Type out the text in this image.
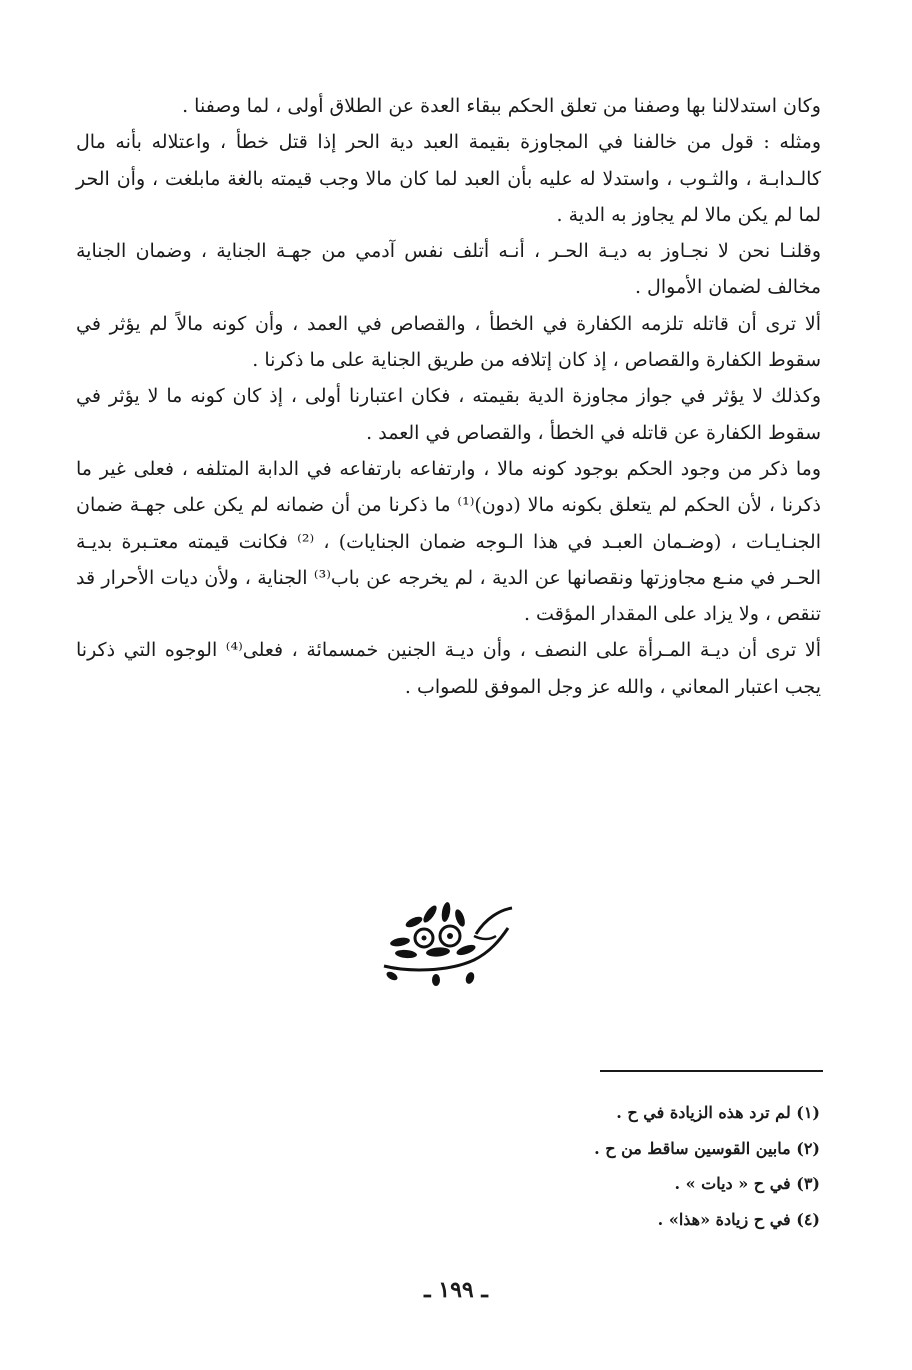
وكان استدلالنا بها وصفنا من تعلق الحكم ببقاء العدة عن الطلاق أولى ، لما وصفنا .

ومثله : قول من خالفنا في المجاوزة بقيمة العبد دية الحر إذا قتل خطأ ، واعتلاله بأنه مال كالـدابـة ، والثـوب ، واستدلا له عليه بأن العبد لما كان مالا وجب قيمته بالغة مابلغت ، وأن الحر لما لم يكن مالا لم يجاوز به الدية .

وقلنـا نحن لا نجـاوز به ديـة الحـر ، أنـه أتلف نفس آدمي من جهـة الجناية ، وضمان الجناية مخالف لضمان الأموال .

ألا ترى أن قاتله تلزمه الكفارة في الخطأ ، والقصاص في العمد ، وأن كونه مالاً لم يؤثر في سقوط الكفارة والقصاص ، إذ كان إتلافه من طريق الجناية على ما ذكرنا .

وكذلك لا يؤثر في جواز مجاوزة الدية بقيمته ، فكان اعتبارنا أولى ، إذ كان كونه ما لا يؤثر في سقوط الكفارة عن قاتله في الخطأ ، والقصاص في العمد .

وما ذكر من وجود الحكم بوجود كونه مالا ، وارتفاعه بارتفاعه في الدابة المتلفه ، فعلى غير ما ذكرنا ، لأن الحكم لم يتعلق بكونه مالا (دون)⁽¹⁾ ما ذكرنا من أن ضمانه لم يكن على جهـة ضمان الجنـايـات ، (وضـمان العبـد في هذا الـوجه ضمان الجنايات) ، ⁽²⁾ فكانت قيمته معتـبرة بديـة الحـر في منـع مجاوزتها ونقصانها عن الدية ، لم يخرجه عن باب⁽³⁾ الجناية ، ولأن ديات الأحرار قد تنقص ، ولا يزاد على المقدار المؤقت .

ألا ترى أن ديـة المـرأة على النصف ، وأن ديـة الجنين خمسمائة ، فعلى⁽⁴⁾ الوجوه التي ذكرنا يجب اعتبار المعاني ، والله عز وجل الموفق للصواب .

(١) لم ترد هذه الزيادة في ح .
(٢) مابين القوسين ساقط من ح .
(٣) في ح « ديات » .
(٤) في ح زيادة «هذا» .
ـ ١٩٩ ـ
